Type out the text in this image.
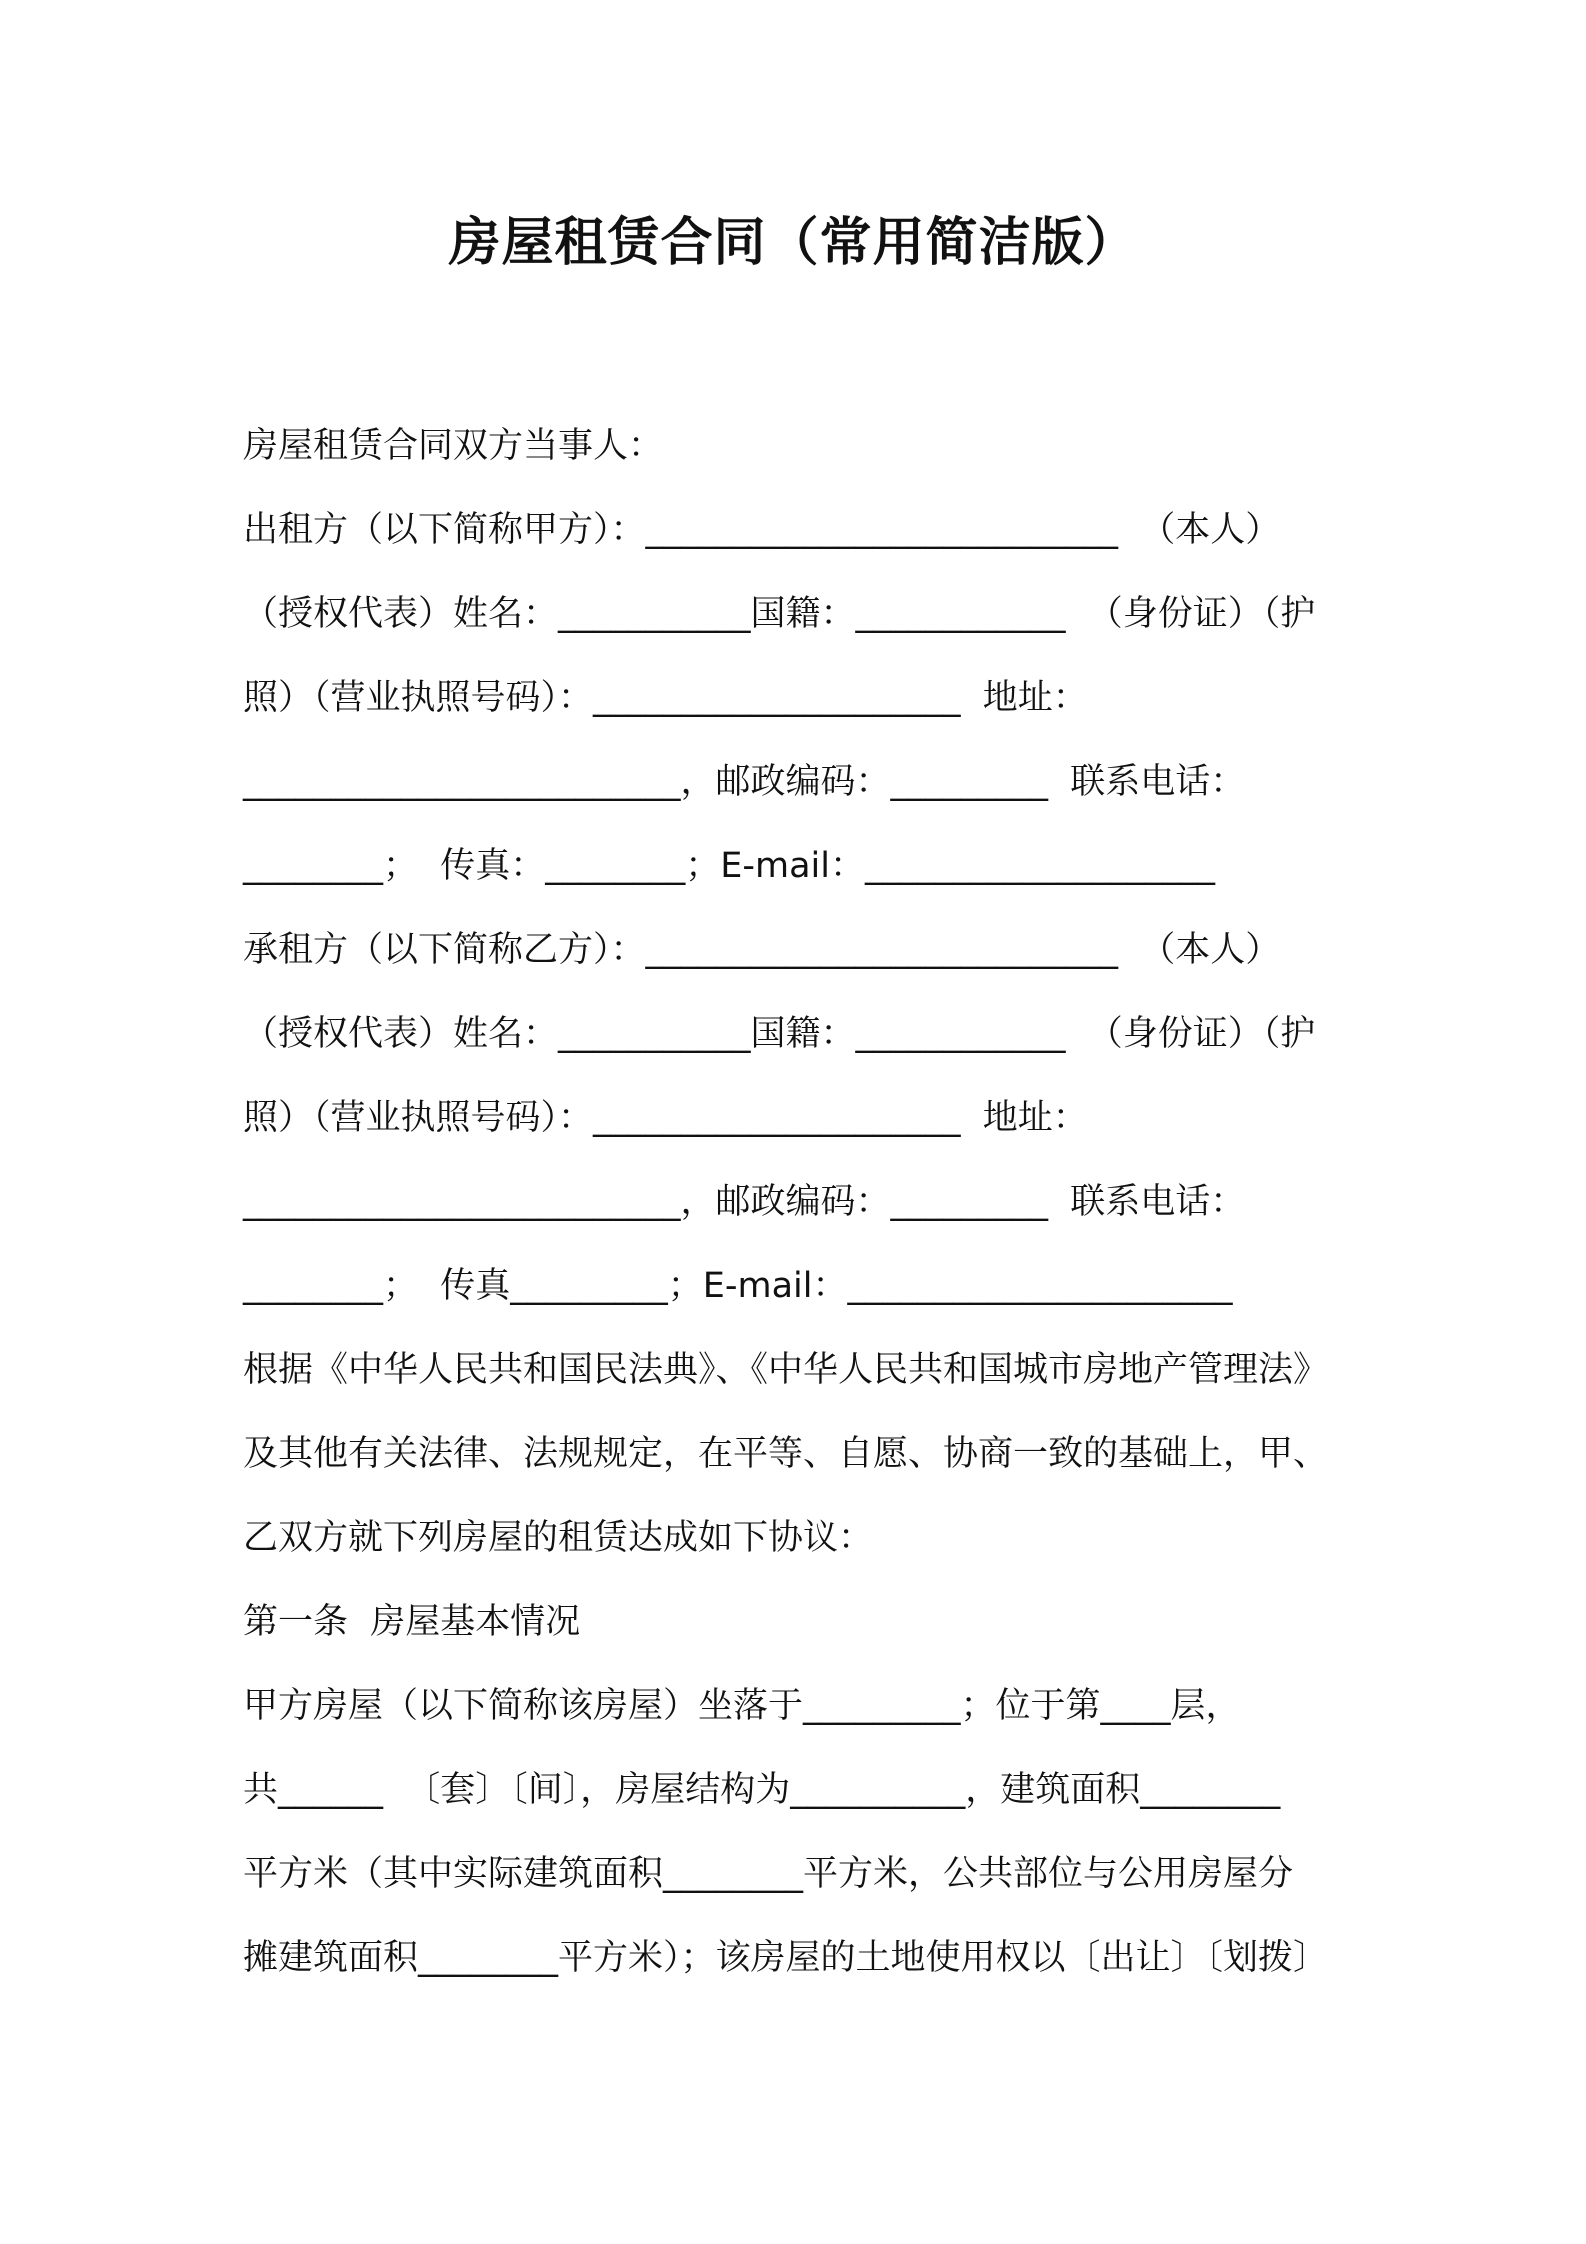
房屋租赁合同（常用简洁版）
房屋租赁合同双方当事人：
出租方（以下简称甲方）：___________________________  （本人）
（授权代表）姓名：___________国籍：____________  （身份证）（护
照）（营业执照号码）：_____________________  地址：
_________________________，邮政编码：_________  联系电话：
________；  传真：________；E-mail：____________________
承租方（以下简称乙方）：___________________________  （本人）
（授权代表）姓名：___________国籍：____________  （身份证）（护
照）（营业执照号码）：_____________________  地址：
_________________________，邮政编码：_________  联系电话：
________；  传真_________；E-mail：______________________
根据《中华人民共和国民法典》、《中华人民共和国城市房地产管理法》
及其他有关法律、法规规定，在平等、自愿、协商一致的基础上，甲、
乙双方就下列房屋的租赁达成如下协议：
第一条  房屋基本情况
甲方房屋（以下简称该房屋）坐落于_________；位于第____层，
共______  〔套〕〔间〕，房屋结构为__________，建筑面积________
平方米（其中实际建筑面积________平方米，公共部位与公用房屋分
摊建筑面积________平方米）；该房屋的土地使用权以〔出让〕〔划拨〕
